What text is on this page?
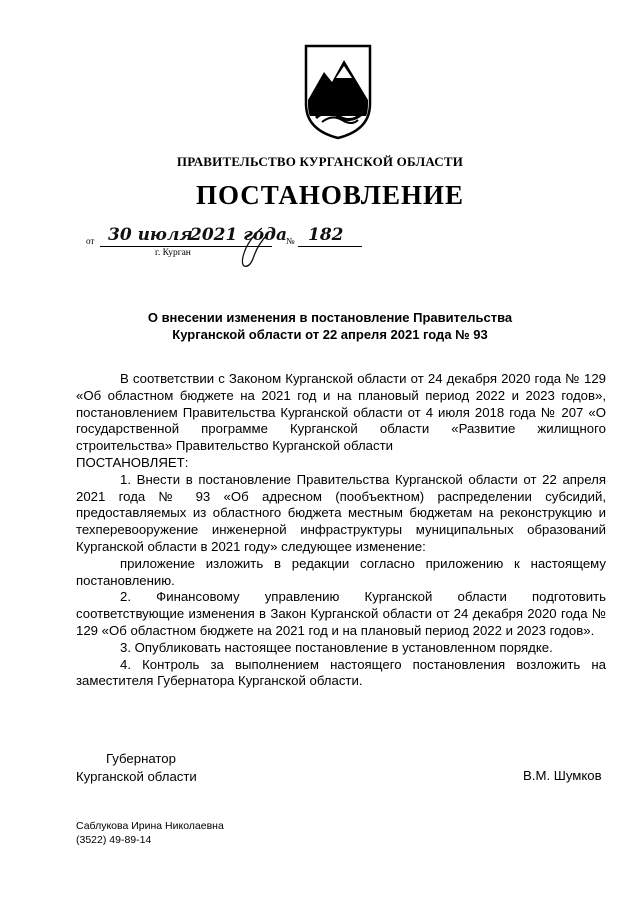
ПРАВИТЕЛЬСТВО КУРГАНСКОЙ ОБЛАСТИ
ПОСТАНОВЛЕНИЕ
от 30 июля
2021 года № 182
г. Курган
О внесении изменения в постановление Правительства
Курганской области от 22 апреля 2021 года № 93

В соответствии с Законом Курганской области от 24 декабря 2020 года № 129 «Об областном бюджете на 2021 год и на плановый период 2022 и 2023 годов», постановлением Правительства Курганской области от 4 июля 2018 года № 207 «О государственной программе Курганской области «Развитие жилищного строительства» Правительство Курганской области

ПОСТАНОВЛЯЕТ:

1. Внести в постановление Правительства Курганской области от 22 апреля 2021 года № 93 «Об адресном (пообъектном) распределении субсидий, предоставляемых из областного бюджета местным бюджетам на реконструкцию и техперевооружение инженерной инфраструктуры муниципальных образований Курганской области в 2021 году» следующее изменение:

приложение изложить в редакции согласно приложению к настоящему постановлению.

2. Финансовому управлению Курганской области подготовить соответствующие изменения в Закон Курганской области от 24 декабря 2020 года № 129 «Об областном бюджете на 2021 год и на плановый период 2022 и 2023 годов».

3. Опубликовать настоящее постановление в установленном порядке.

4. Контроль за выполнением настоящего постановления возложить на заместителя Губернатора Курганской области.

Губернатор
Курганской области	В.М. Шумков
Саблукова Ирина Николаевна
(3522) 49-89-14
